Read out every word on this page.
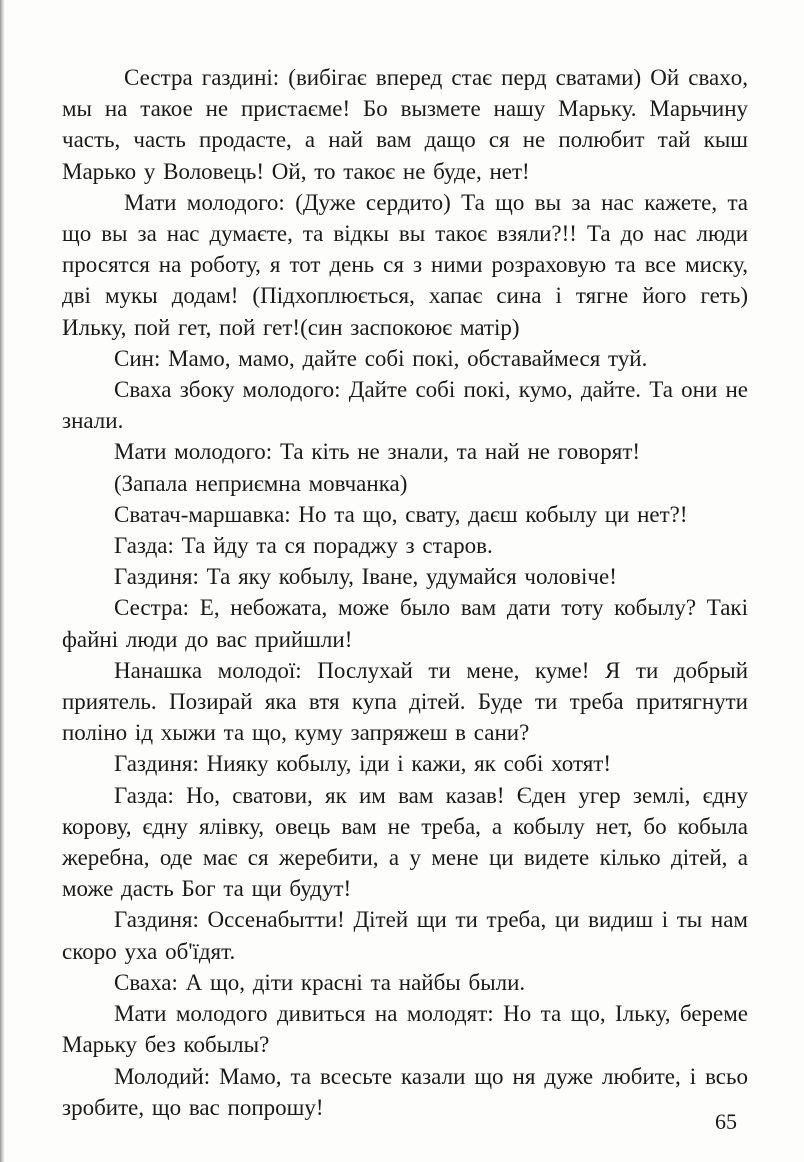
Сестра газдині: (вибігає вперед стає перд сватами) Ой сваxо, мы на такое не пристаєме! Бо вызмете нашу Марьку. Марьчину часть, часть продасте, а най вам дащо ся не полюбит тай кыш Марько у Воловець! Ой, то такоє не буде, нет!

Мати молодого: (Дуже сердито) Та що вы за нас кажете, та що вы за нас думаєте, та відкы вы такоє взяли?!! Та до нас люди просятся на роботу, я тот день ся з ними розраховую та все миску, дві мукы додам! (Підхоплюється, хапає сина і тягне його геть) Ильку, пой гет, пой гет!(син заспокоює матір)

Син: Мамо, мамо, дайте собі покі, обставаймеся туй.

Сваха збоку молодого: Дайте собі покі, кумо, дайте. Та они не знали.

Мати молодого: Та кіть не знали, та най не говорят!

(Запала неприємна мовчанка)

Сватач-маршавка: Но та що, свату, даєш кобылу ци нет?!

Газда: Та йду та ся пораджу з старов.

Газдиня: Та яку кобылу, Іване, удумайся чоловіче!

Сестра: Е, небожата, може было вам дати тоту кобылу? Такі файні люди до вас прийшли!

Нанашка молодої: Послухай ти мене, куме! Я ти добрый приятель. Позирай яка втя купа дітей. Буде ти треба притягнути поліно ід хыжи та що, куму запряжеш в сани?

Газдиня: Нияку кобылу, іди і кажи, як собі хотят!

Газда: Но, сватови, як им вам казав! Єден угер землі, єдну корову, єдну ялівку, овець вам не треба, а кобылу нет, бо кобыла жеребна, оде має ся жеребити, а у мене ци видете кілько дітей, а може дасть Бог та щи будут!

Газдиня: Оссенабытти! Дітей щи ти треба, ци видиш і ты нам скоро уха об'їдят.

Сваха: А що, діти красні та найбы были.

Мати молодого дивиться на молодят: Но та що, Ільку, береме Марьку без кобылы?

Молодий: Мамо, та всесьте казали що ня дуже любите, і всьо зробите, що вас попрошу!

65
